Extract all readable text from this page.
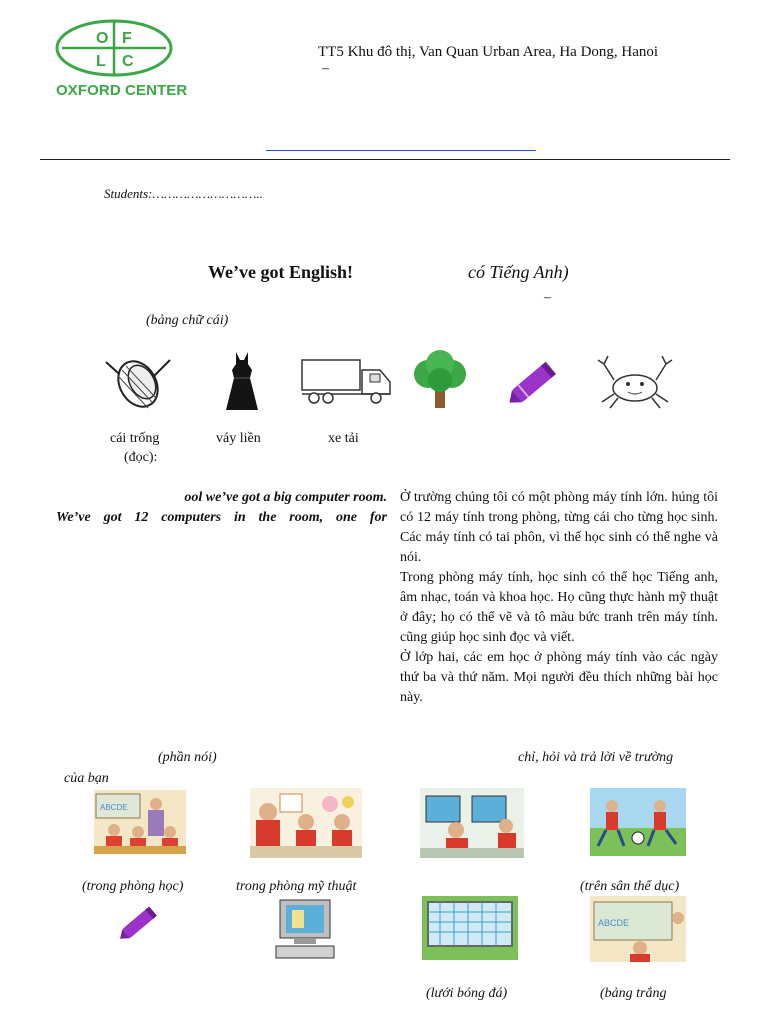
O F
L C
OXFORD CENTER
TT5 Khu đô thị, Van Quan Urban Area, Ha Dong, Hanoi
–
Students:………………………..
We’ve got English!	có Tiếng Anh)
–
(bảng chữ cái)
cái trống
(đọc):
váy liền	xe tải
ool we’ve got a big computer room.
We’ve got 12 computers in the room, one for

Ở trường chúng tôi có một phòng máy tính lớn. húng tôi có 12 máy tính trong phòng, từng cái cho từng học sinh. Các máy tính có tai phôn, vì thế học sinh có thể nghe và nói.

Trong phòng máy tính, học sinh có thể học Tiếng anh, âm nhạc, toán và khoa học. Họ cũng thực hành mỹ thuật ở đây; họ có thể vẽ và tô màu bức tranh trên máy tính. cũng giúp học sinh đọc và viết.

Ở lớp hai, các em học ở phòng máy tính vào các ngày thứ ba và thứ năm. Mọi người đều thích những bài học này.

(phần nói)	chỉ, hỏi và trả lời về trường
của bạn
ABCDE
(trong phòng học)	trong phòng mỹ thuật	(trên sân thể dục)
ABCDE
(lưới bóng đá)	(bảng trắng
